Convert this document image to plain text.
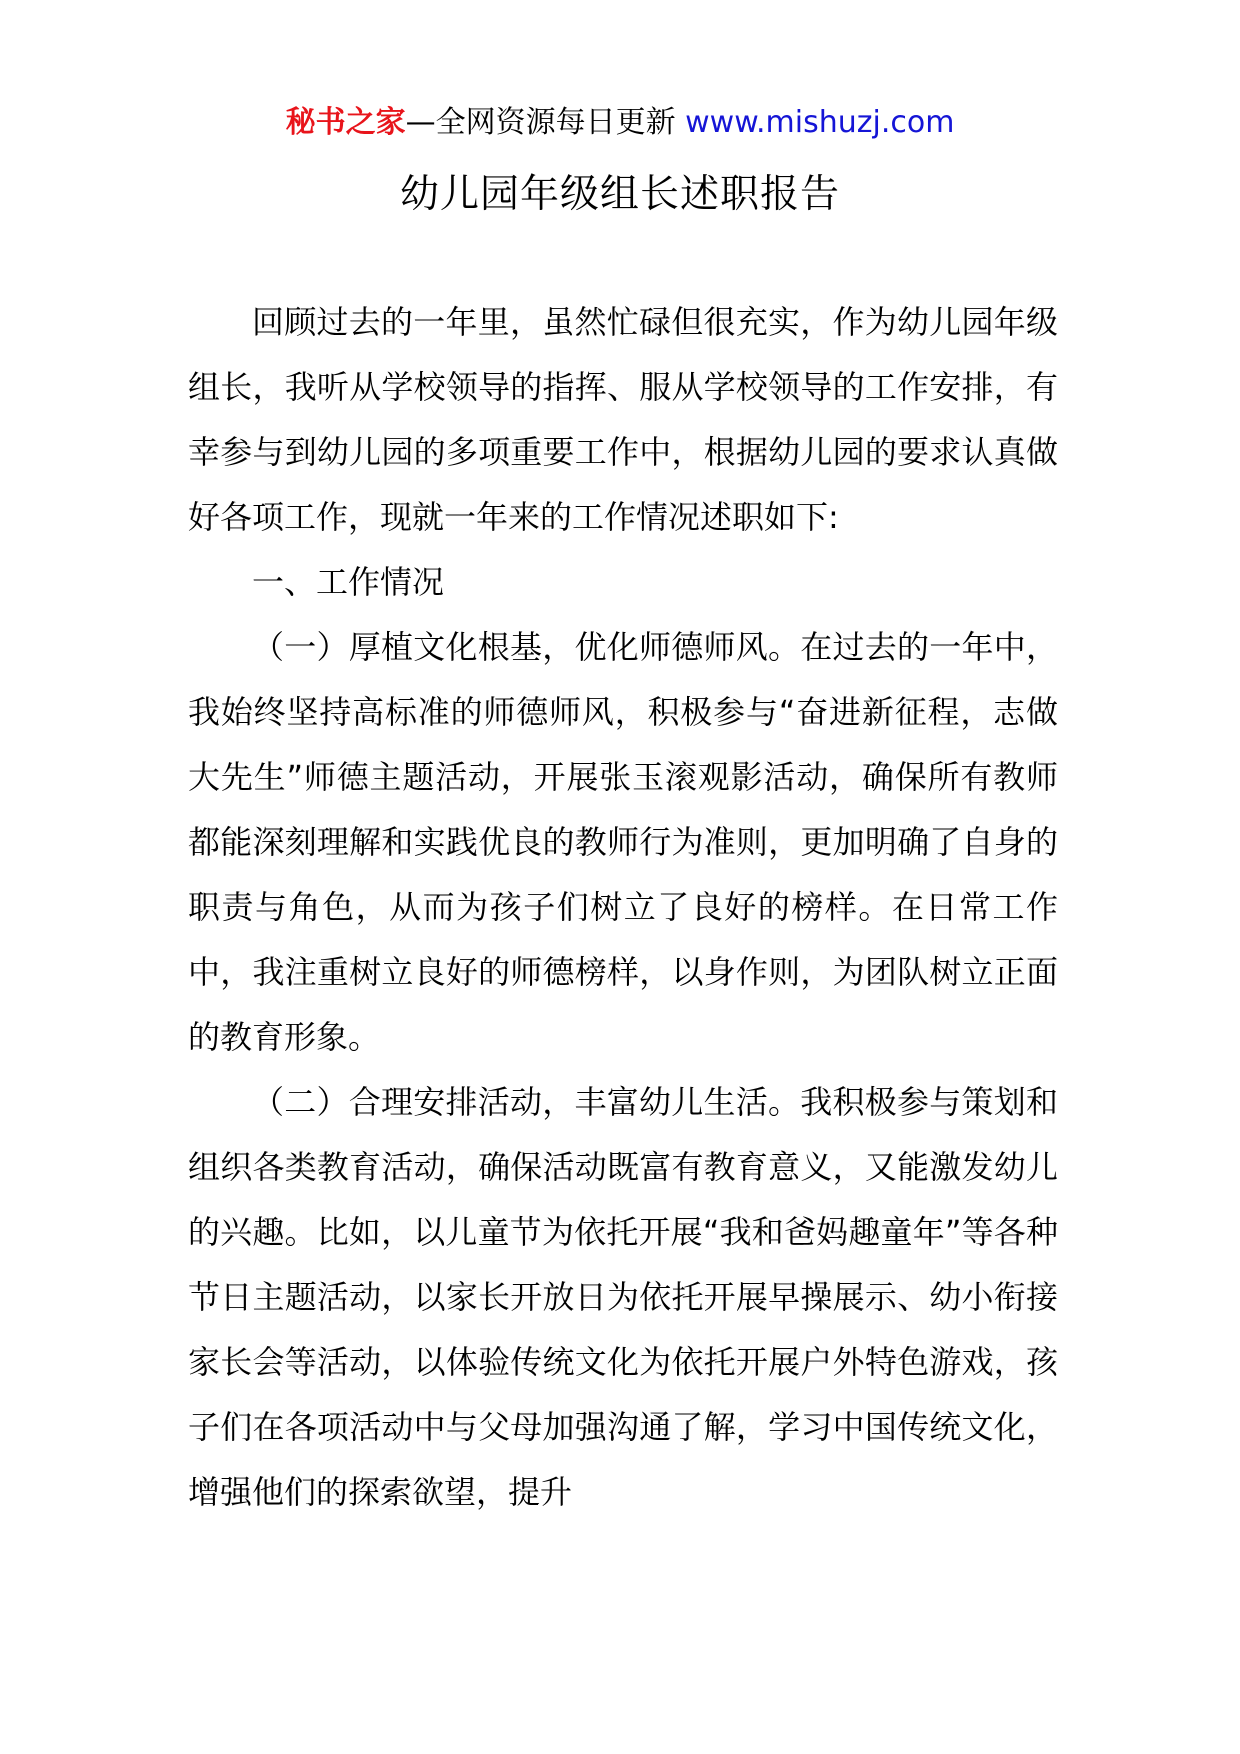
秘书之家—全网资源每日更新 www.mishuzj.com
幼儿园年级组长述职报告

回顾过去的一年里，虽然忙碌但很充实，作为幼儿园年级组长，我听从学校领导的指挥、服从学校领导的工作安排，有幸参与到幼儿园的多项重要工作中，根据幼儿园的要求认真做好各项工作，现就一年来的工作情况述职如下:

一、工作情况

（一）厚植文化根基，优化师德师风。在过去的一年中，我始终坚持高标准的师德师风，积极参与“奋进新征程，志做大先生”师德主题活动，开展张玉滚观影活动，确保所有教师都能深刻理解和实践优良的教师行为准则，更加明确了自身的职责与角色，从而为孩子们树立了良好的榜样。在日常工作中，我注重树立良好的师德榜样，以身作则，为团队树立正面的教育形象。

（二）合理安排活动，丰富幼儿生活。我积极参与策划和组织各类教育活动，确保活动既富有教育意义，又能激发幼儿的兴趣。比如，以儿童节为依托开展“我和爸妈趣童年”等各种节日主题活动，以家长开放日为依托开展早操展示、幼小衔接家长会等活动，以体验传统文化为依托开展户外特色游戏，孩子们在各项活动中与父母加强沟通了解，学习中国传统文化，增强他们的探索欲望，提升
